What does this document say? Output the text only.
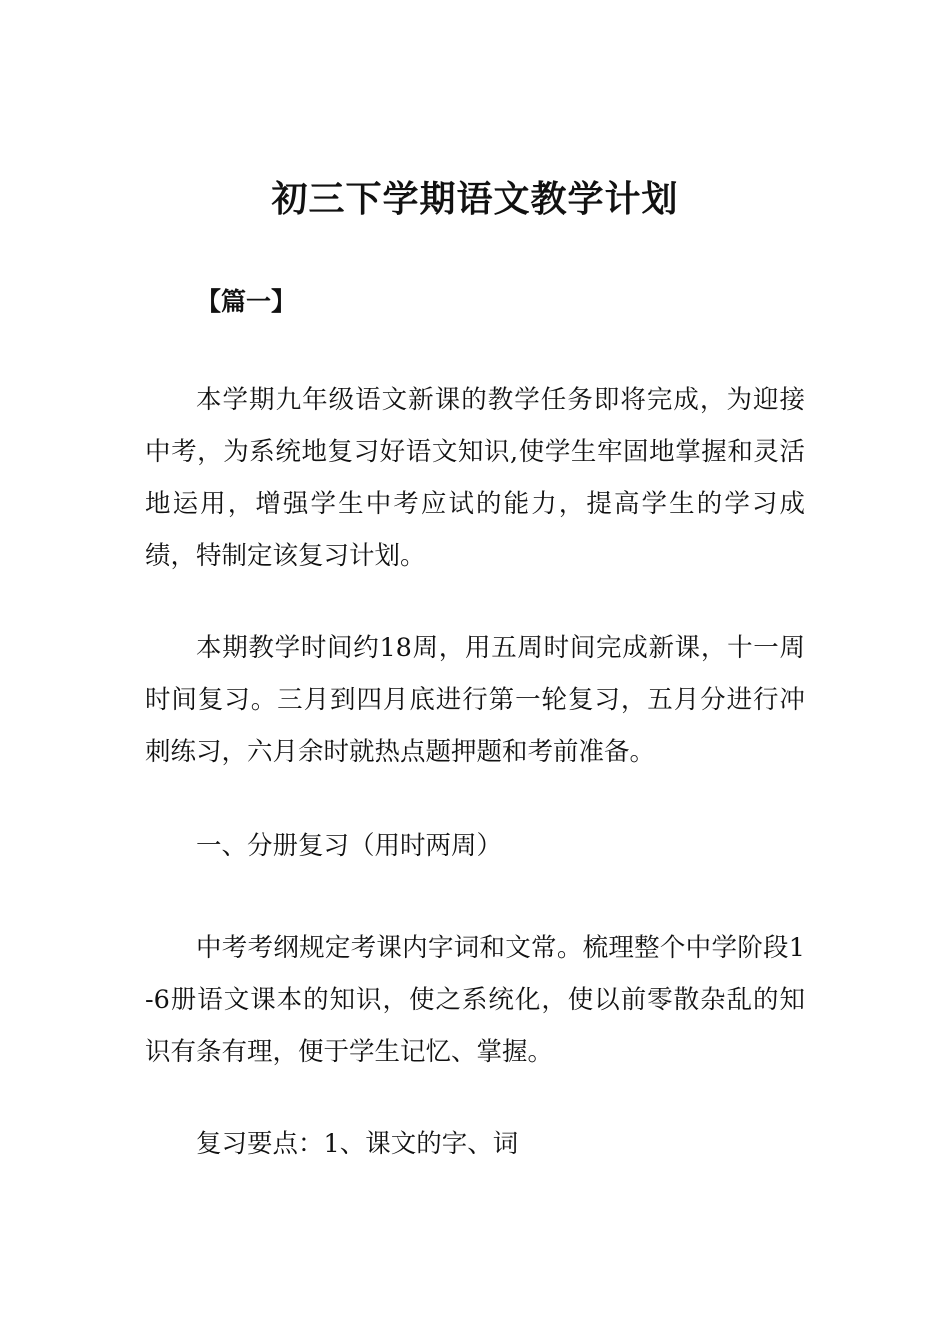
初三下学期语文教学计划

【篇一】

本学期九年级语文新课的教学任务即将完成，为迎接中考，为系统地复习好语文知识,使学生牢固地掌握和灵活地运用，增强学生中考应试的能力，提高学生的学习成绩，特制定该复习计划。

本期教学时间约18周，用五周时间完成新课，十一周时间复习。三月到四月底进行第一轮复习，五月分进行冲刺练习，六月余时就热点题押题和考前准备。

一、分册复习（用时两周）

中考考纲规定考课内字词和文常。梳理整个中学阶段1-6册语文课本的知识，使之系统化，使以前零散杂乱的知识有条有理，便于学生记忆、掌握。

复习要点：1、课文的字、词
